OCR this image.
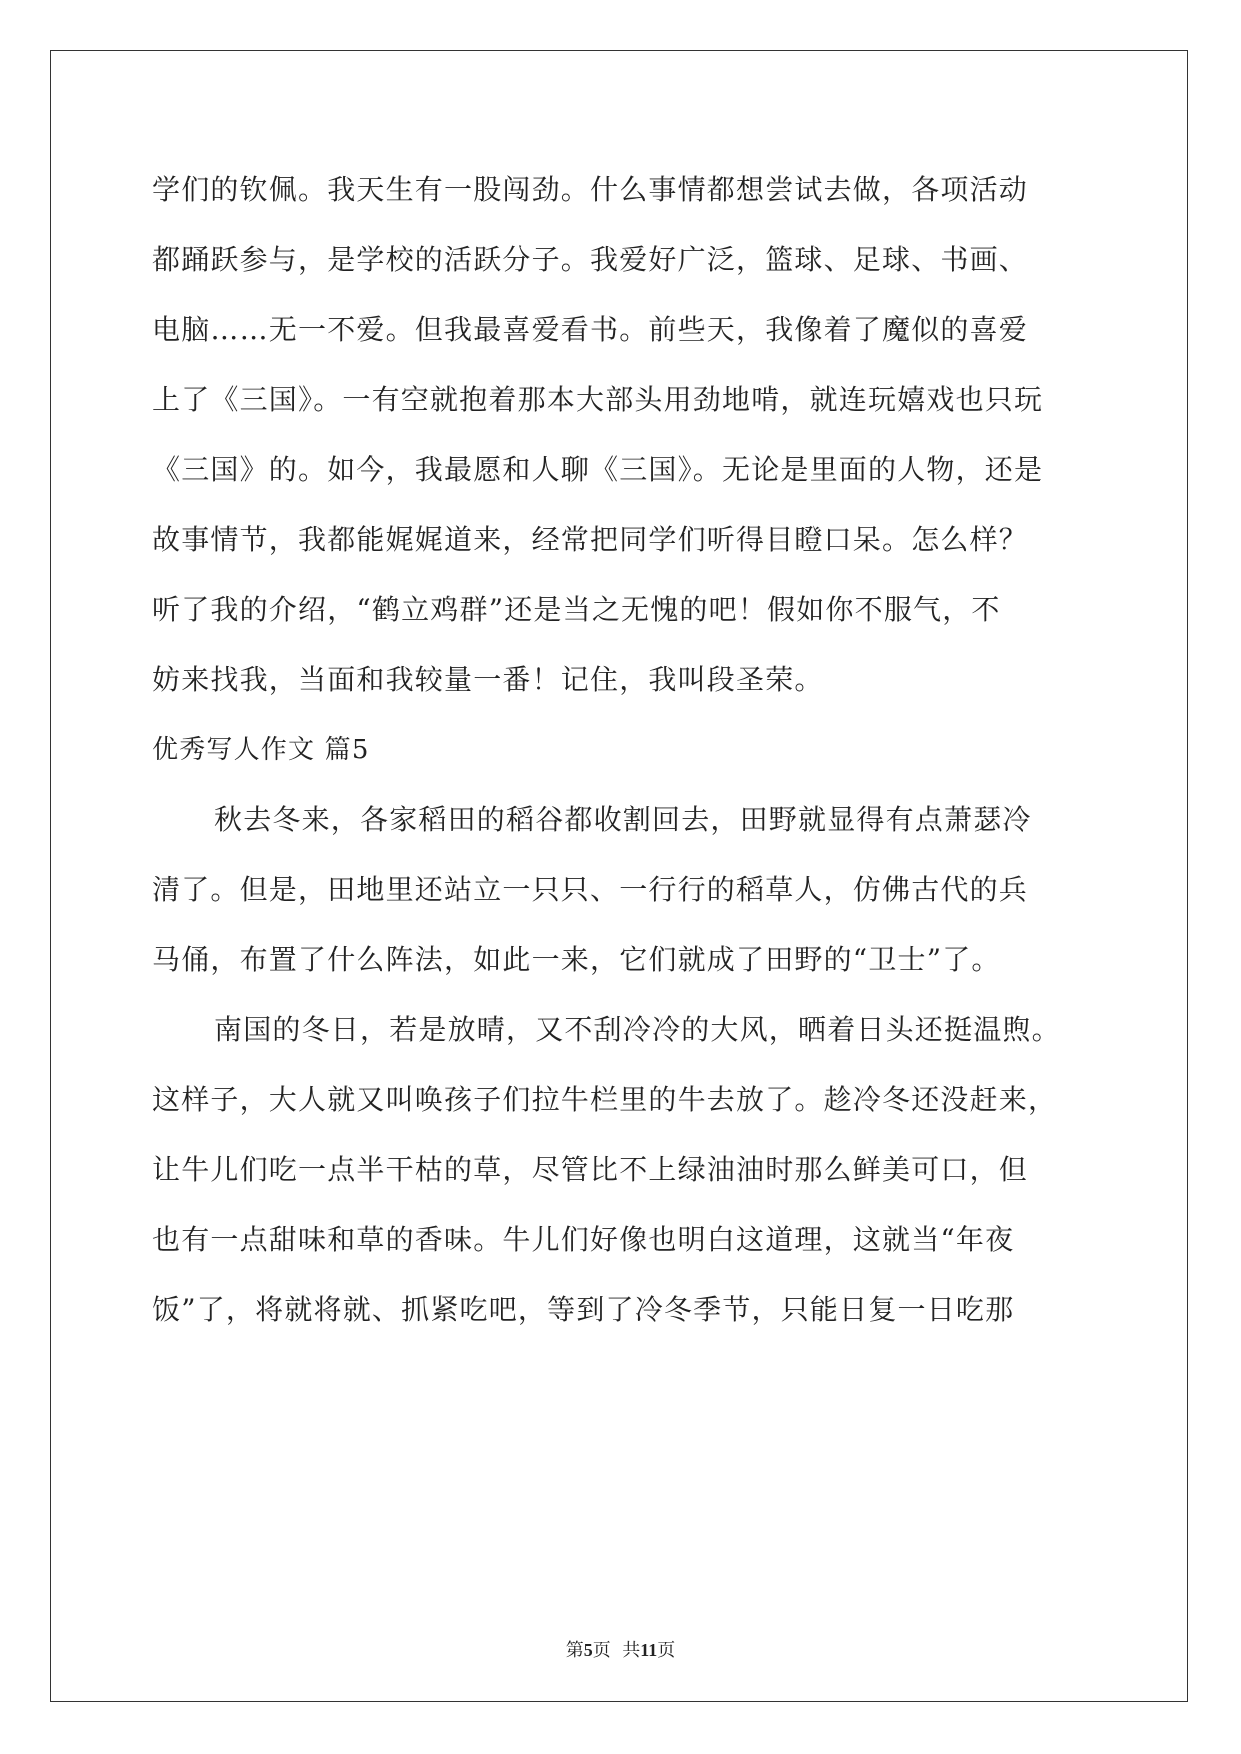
学们的钦佩。我天生有一股闯劲。什么事情都想尝试去做，各项活动
都踊跃参与，是学校的活跃分子。我爱好广泛，篮球、足球、书画、
电脑……无一不爱。但我最喜爱看书。前些天，我像着了魔似的喜爱
上了《三国》。一有空就抱着那本大部头用劲地啃，就连玩嬉戏也只玩
《三国》的。如今，我最愿和人聊《三国》。无论是里面的人物，还是
故事情节，我都能娓娓道来，经常把同学们听得目瞪口呆。怎么样？
听了我的介绍，“鹤立鸡群”还是当之无愧的吧！假如你不服气，不
妨来找我，当面和我较量一番！记住，我叫段圣荣。
优秀写人作文 篇5
秋去冬来，各家稻田的稻谷都收割回去，田野就显得有点萧瑟冷
清了。但是，田地里还站立一只只、一行行的稻草人，仿佛古代的兵
马俑，布置了什么阵法，如此一来，它们就成了田野的“卫士”了。
南国的冬日，若是放晴，又不刮冷冷的大风，晒着日头还挺温煦。
这样子，大人就又叫唤孩子们拉牛栏里的牛去放了。趁冷冬还没赶来，
让牛儿们吃一点半干枯的草，尽管比不上绿油油时那么鲜美可口，但
也有一点甜味和草的香味。牛儿们好像也明白这道理，这就当“年夜
饭”了，将就将就、抓紧吃吧，等到了冷冬季节，只能日复一日吃那
第5页  共11页
